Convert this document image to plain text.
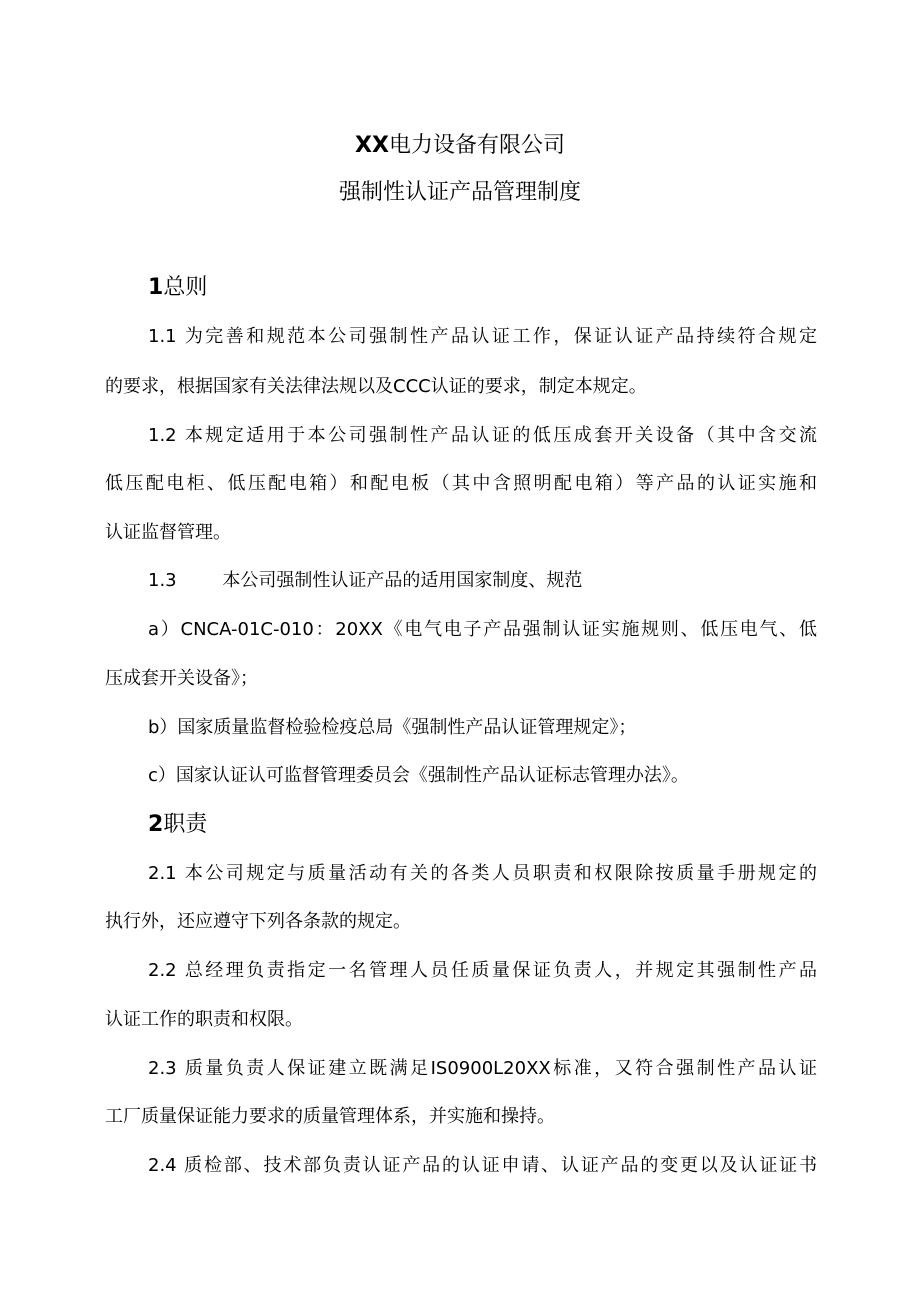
XX电力设备有限公司
强制性认证产品管理制度
1总则
1.1 为完善和规范本公司强制性产品认证工作，保证认证产品持续符合规定
的要求，根据国家有关法律法规以及CCC认证的要求，制定本规定。
1.2 本规定适用于本公司强制性产品认证的低压成套开关设备（其中含交流
低压配电柜、低压配电箱）和配电板（其中含照明配电箱）等产品的认证实施和
认证监督管理。
1.3        本公司强制性认证产品的适用国家制度、规范
a）CNCA-01C-010：20XX《电气电子产品强制认证实施规则、低压电气、低
压成套开关设备》；
b）国家质量监督检验检疫总局《强制性产品认证管理规定》；
c）国家认证认可监督管理委员会《强制性产品认证标志管理办法》。
2职责
2.1 本公司规定与质量活动有关的各类人员职责和权限除按质量手册规定的
执行外，还应遵守下列各条款的规定。
2.2 总经理负责指定一名管理人员任质量保证负责人，并规定其强制性产品
认证工作的职责和权限。
2.3 质量负责人保证建立既满足IS0900L20XX标准，又符合强制性产品认证
工厂质量保证能力要求的质量管理体系，并实施和操持。
2.4 质检部、技术部负责认证产品的认证申请、认证产品的变更以及认证证书
